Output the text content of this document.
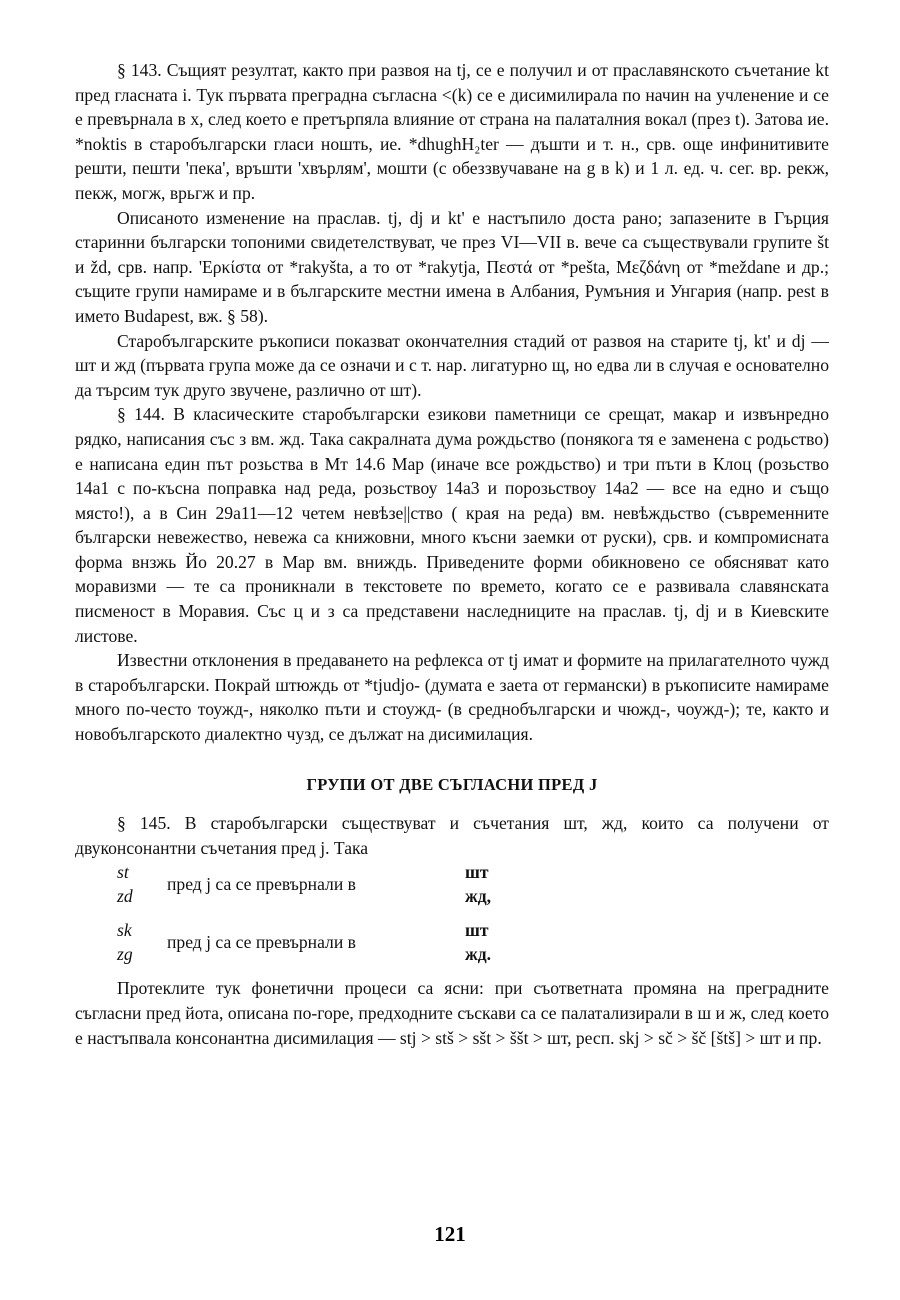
§ 143. Същият резултат, както при развоя на tj, се е получил и от праславянското съчетание kt пред гласната i. Тук първата преградна съгласна <(k) се е дисимилирала по начин на учленение и се е превърнала в x, след което е претърпяла влияние от страна на палаталния вокал (през t). Затова ие. *noktis в старобългарски гласи ношть, ие. *dhughH₂ter — дъшти и т. н., срв. още инфинитивите решти, пешти 'пека', връшти 'хвърлям', мошти (с обеззвучаване на g в k) и 1 л. ед. ч. сег. вр. рекж, пекж, могж, врьгж и пр.

Описаното изменение на праслав. tj, dj и kt' е настъпило доста рано; запазените в Гърция старинни български топоними свидетелствуват, че през VI—VII в. вече са съществували групите št и žd, срв. напр. 'Ερκίστα от *rakyšta, а то от *rakytja, Πεστά от *pešta, Μεζδάνη от *meždane и др.; същите групи намираме и в българските местни имена в Албания, Румъния и Унгария (напр. pest в името Budapest, вж. § 58).

Старобългарските ръкописи показват окончателния стадий от развоя на старите tj, kt' и dj — шт и жд (първата група може да се означи и с т. нар. лигатурно щ, но едва ли в случая е основателно да търсим тук друго звучене, различно от шт).

§ 144. В класическите старобългарски езикови паметници се срещат, макар и извънредно рядко, написания със з вм. жд. Така сакралната дума рождьство (понякога тя е заменена с родьство) е написана един път розьства в Мт 14.6 Мар (иначе все рождьство) и три пъти в Клоц (розьство 14а1 с по-късна поправка над реда, розьствоу 14а3 и порозьствоу 14а2 — все на едно и също място!), а в Син 29а11—12 четем невѣзе||ство ( края на реда) вм. невѣждьство (съвременните български невежество, невежа са книжовни, много късни заемки от руски), срв. и компромисната форма внзжь Йо 20.27 в Мар вм. вниждь. Приведените форми обикновено се обясняват като моравизми — те са проникнали в текстовете по времето, когато се е развивала славянската писменост в Моравия. Със ц и з са представени наследниците на праслав. tj, dj и в Киевските листове.

Известни отклонения в предаването на рефлекса от tj имат и формите на прилагателното чужд в старобългарски. Покрай штюждь от *tjudjo- (думата е заета от германски) в ръкописите намираме много по-често тоужд-, няколко пъти и стоужд- (в среднобългарски и чюжд-, чоужд-); те, както и новобългарското диалектно чузд, се дължат на дисимилация.

ГРУПИ ОТ ДВЕ СЪГЛАСНИ ПРЕД J

§ 145. В старобългарски съществуват и съчетания шт, жд, които са получени от двуконсонантни съчетания пред j. Така

st
zd
пред j са се превърнали в
шт
жд,
sk
zg
пред j са се превърнали в
шт
жд.

Протеклите тук фонетични процеси са ясни: при съответната промяна на преградните съгласни пред йота, описана по-горе, предходните съскави са се палатализирали в ш и ж, след което е настъпвала консонантна дисимилация — stj > stš > sšt > ššt > шт, респ. skj > sč > šč [štš] > шт и пр.

121
